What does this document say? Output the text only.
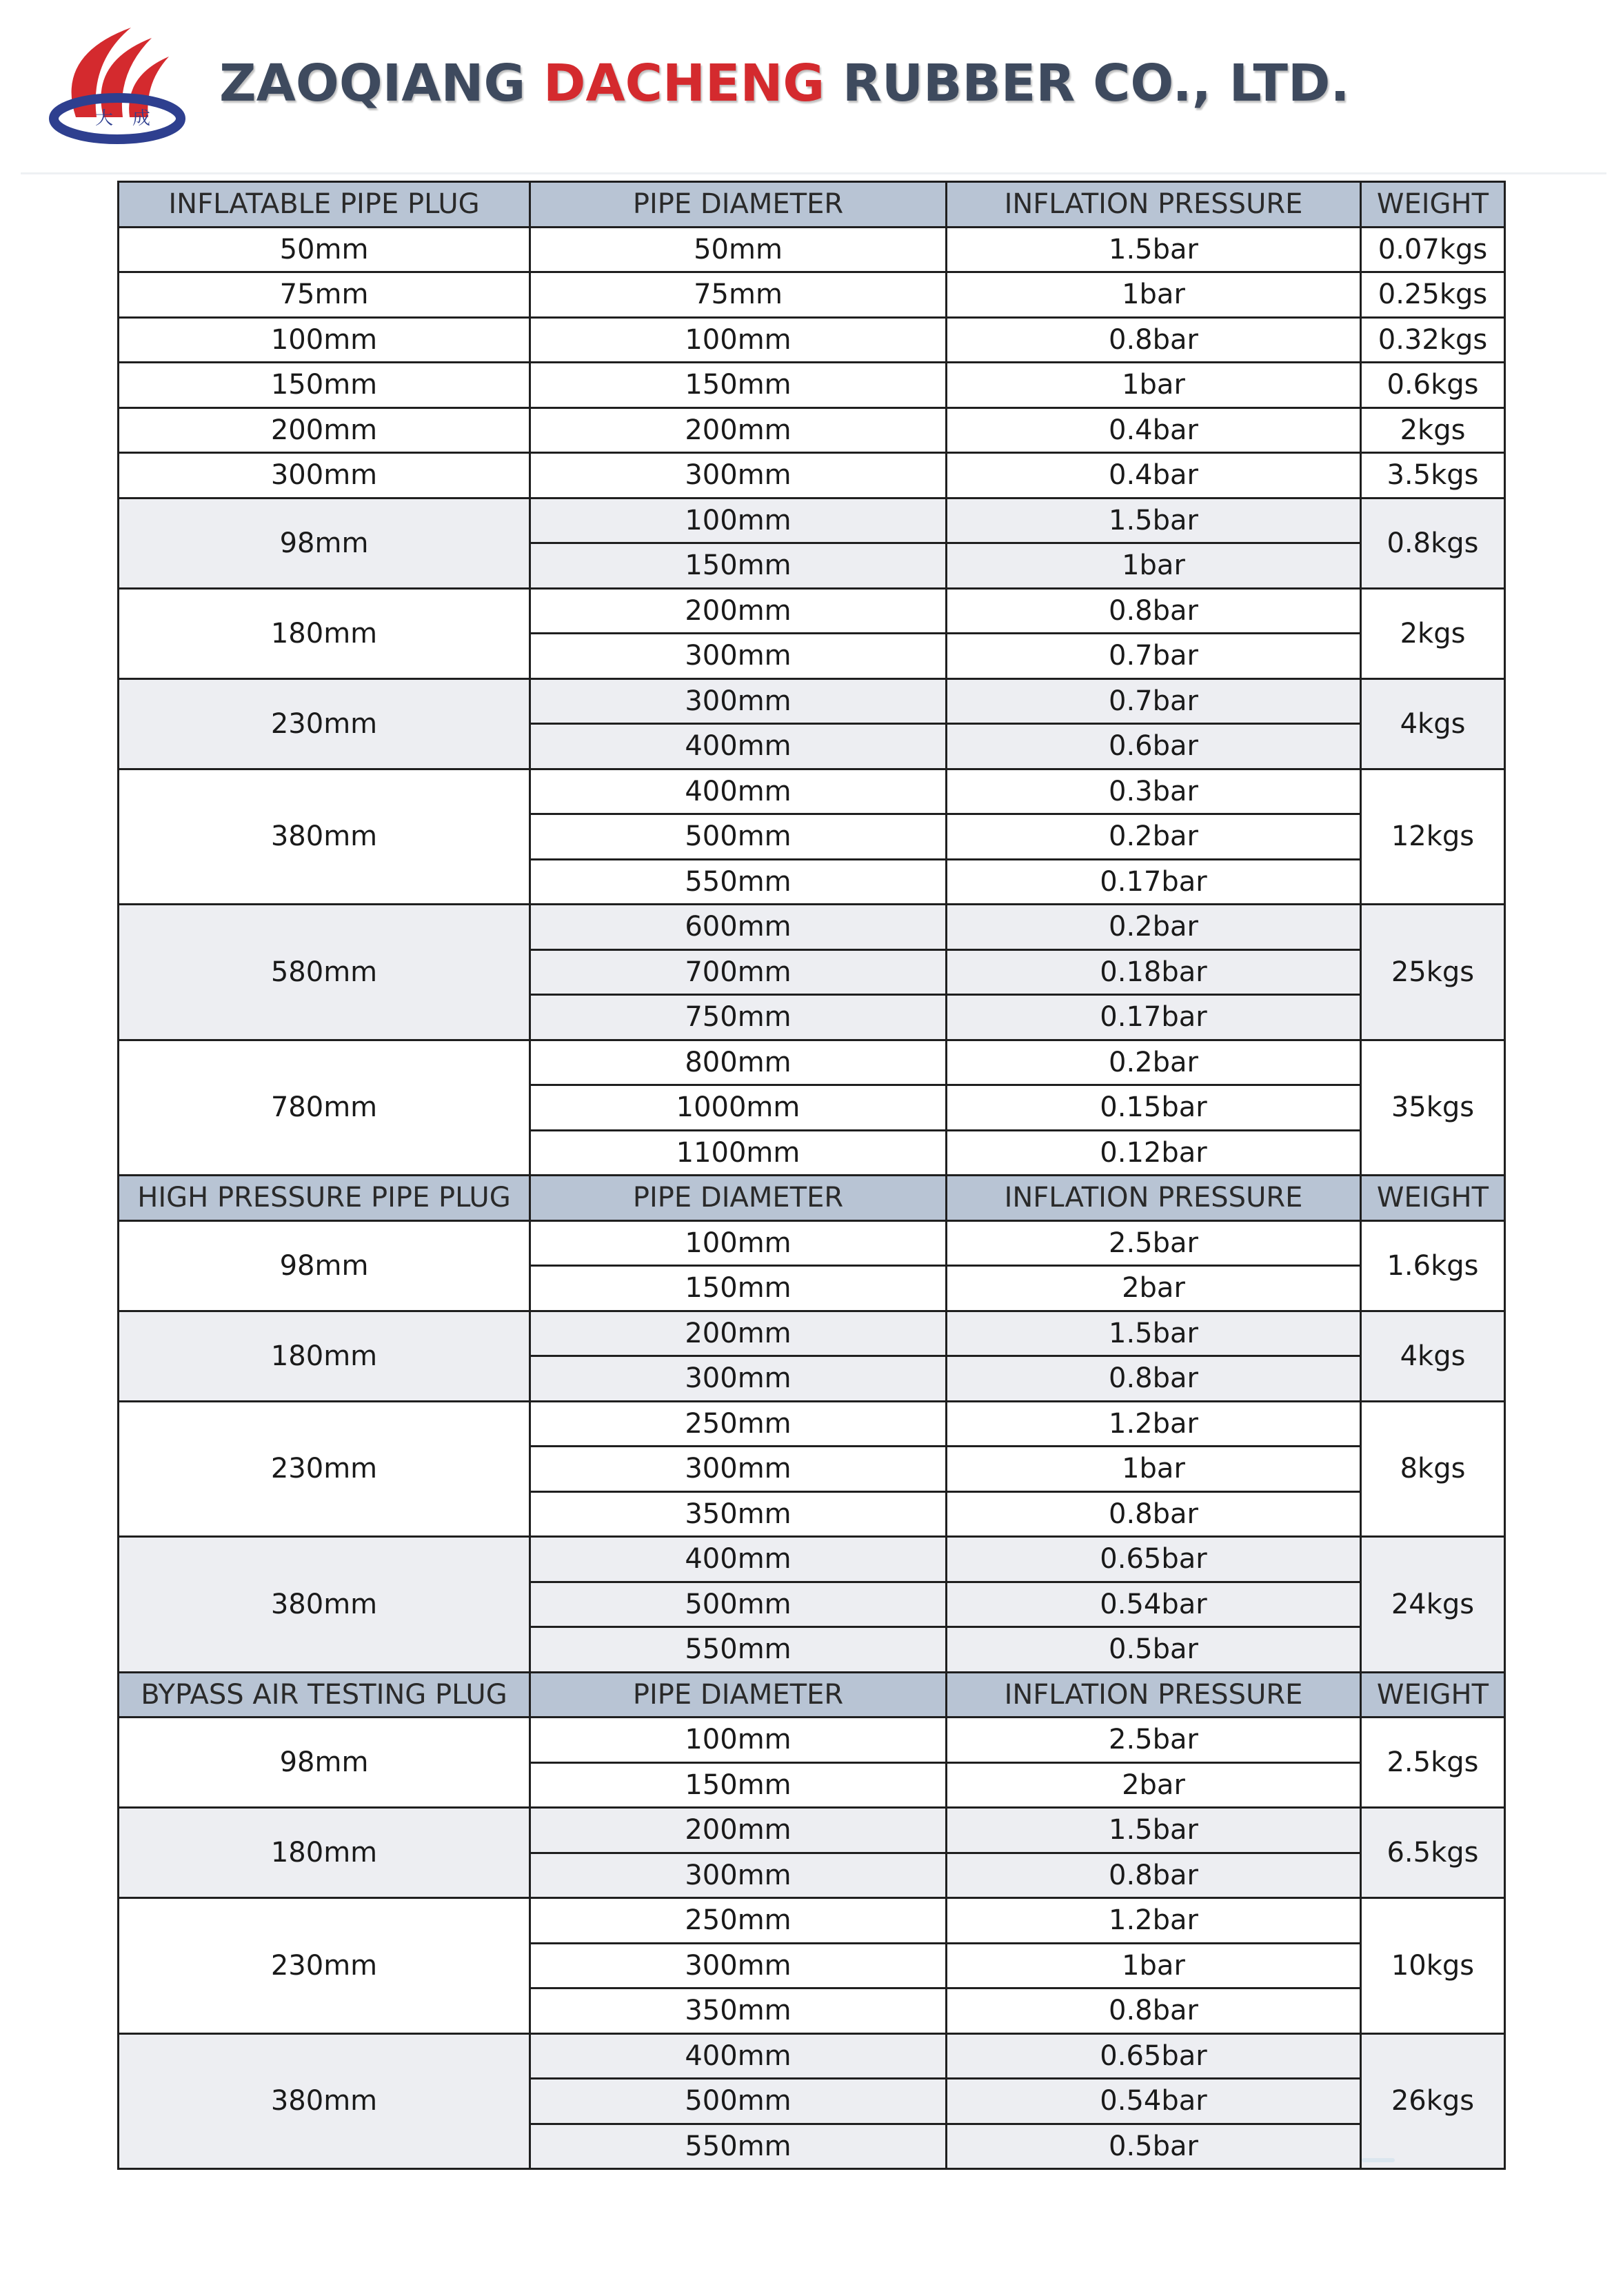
大 成
ZAOQIANG DACHENG RUBBER CO., LTD.
INFLATABLE PIPE PLUG	PIPE DIAMETER	INFLATION PRESSURE	WEIGHT
50mm	50mm	1.5bar	0.07kgs
75mm	75mm	1bar	0.25kgs
100mm	100mm	0.8bar	0.32kgs
150mm	150mm	1bar	0.6kgs
200mm	200mm	0.4bar	2kgs
300mm	300mm	0.4bar	3.5kgs
98mm	100mm	1.5bar	0.8kgs
	150mm	1bar	
180mm	200mm	0.8bar	2kgs
	300mm	0.7bar	
230mm	300mm	0.7bar	4kgs
	400mm	0.6bar	
380mm	400mm	0.3bar	12kgs
	500mm	0.2bar	
	550mm	0.17bar	
580mm	600mm	0.2bar	25kgs
	700mm	0.18bar	
	750mm	0.17bar	
780mm	800mm	0.2bar	35kgs
	1000mm	0.15bar	
	1100mm	0.12bar	
HIGH PRESSURE PIPE PLUG	PIPE DIAMETER	INFLATION PRESSURE	WEIGHT
98mm	100mm	2.5bar	1.6kgs
	150mm	2bar	
180mm	200mm	1.5bar	4kgs
	300mm	0.8bar	
230mm	250mm	1.2bar	8kgs
	300mm	1bar	
	350mm	0.8bar	
380mm	400mm	0.65bar	24kgs
	500mm	0.54bar	
	550mm	0.5bar	
BYPASS AIR TESTING PLUG	PIPE DIAMETER	INFLATION PRESSURE	WEIGHT
98mm	100mm	2.5bar	2.5kgs
	150mm	2bar	
180mm	200mm	1.5bar	6.5kgs
	300mm	0.8bar	
230mm	250mm	1.2bar	10kgs
	300mm	1bar	
	350mm	0.8bar	
380mm	400mm	0.65bar	26kgs
	500mm	0.54bar	
	550mm	0.5bar	
